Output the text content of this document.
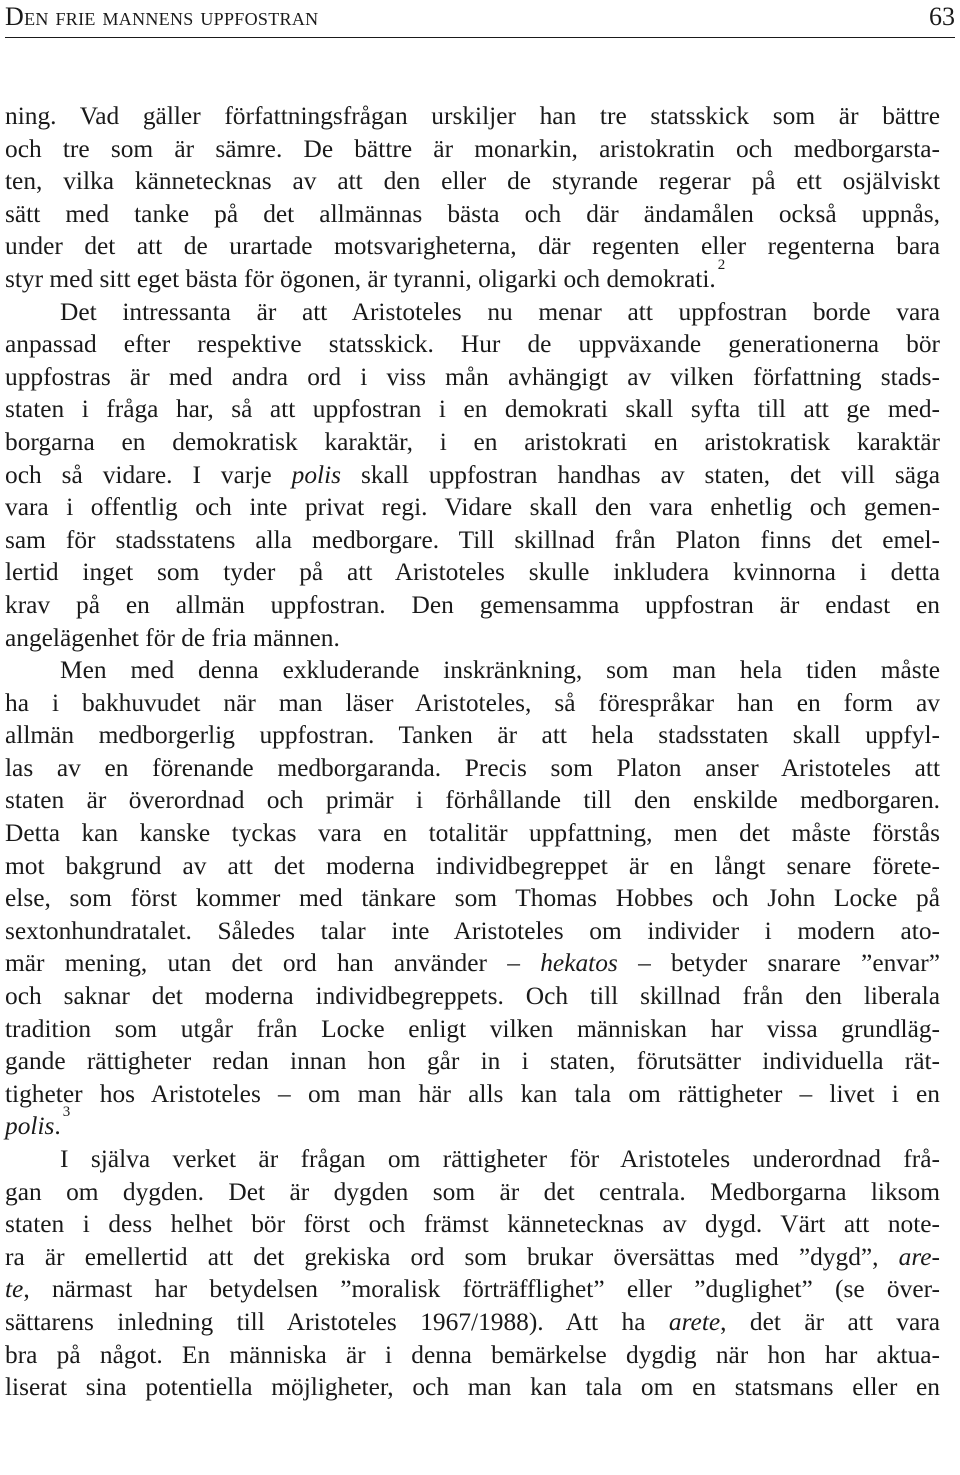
Den frie mannens uppfostran	63
ning. Vad gäller författningsfrågan urskiljer han tre statsskick som är bättre
och tre som är sämre. De bättre är monarkin, aristokratin och medborgarsta-
ten, vilka kännetecknas av att den eller de styrande regerar på ett osjälviskt
sätt med tanke på det allmännas bästa och där ändamålen också uppnås,
under det att de urartade motsvarigheterna, där regenten eller regenterna bara
styr med sitt eget bästa för ögonen, är tyranni, oligarki och demokrati.$^2$
Det intressanta är att Aristoteles nu menar att uppfostran borde vara
anpassad efter respektive statsskick. Hur de uppväxande generationerna bör
uppfostras är med andra ord i viss mån avhängigt av vilken författning stads-
staten i fråga har, så att uppfostran i en demokrati skall syfta till att ge med-
borgarna en demokratisk karaktär, i en aristokrati en aristokratisk karaktär
och så vidare. I varje polis skall uppfostran handhas av staten, det vill säga
vara i offentlig och inte privat regi. Vidare skall den vara enhetlig och gemen-
sam för stadsstatens alla medborgare. Till skillnad från Platon finns det emel-
lertid inget som tyder på att Aristoteles skulle inkludera kvinnorna i detta
krav på en allmän uppfostran. Den gemensamma uppfostran är endast en
angelägenhet för de fria männen.
Men med denna exkluderande inskränkning, som man hela tiden måste
ha i bakhuvudet när man läser Aristoteles, så förespråkar han en form av
allmän medborgerlig uppfostran. Tanken är att hela stadsstaten skall uppfyl-
las av en förenande medborgaranda. Precis som Platon anser Aristoteles att
staten är överordnad och primär i förhållande till den enskilde medborgaren.
Detta kan kanske tyckas vara en totalitär uppfattning, men det måste förstås
mot bakgrund av att det moderna individbegreppet är en långt senare förete-
else, som först kommer med tänkare som Thomas Hobbes och John Locke på
sextonhundratalet. Således talar inte Aristoteles om individer i modern ato-
mär mening, utan det ord han använder – hekatos – betyder snarare ”envar”
och saknar det moderna individbegreppets. Och till skillnad från den liberala
tradition som utgår från Locke enligt vilken människan har vissa grundläg-
gande rättigheter redan innan hon går in i staten, förutsätter individuella rät-
tigheter hos Aristoteles – om man här alls kan tala om rättigheter – livet i en
polis.$^3$
I själva verket är frågan om rättigheter för Aristoteles underordnad frå-
gan om dygden. Det är dygden som är det centrala. Medborgarna liksom
staten i dess helhet bör först och främst kännetecknas av dygd. Värt att note-
ra är emellertid att det grekiska ord som brukar översättas med ”dygd”, are-
te, närmast har betydelsen ”moralisk förträfflighet” eller ”duglighet” (se över-
sättarens inledning till Aristoteles 1967/1988). Att ha arete, det är att vara
bra på något. En människa är i denna bemärkelse dygdig när hon har aktua-
liserat sina potentiella möjligheter, och man kan tala om en statsmans eller en
